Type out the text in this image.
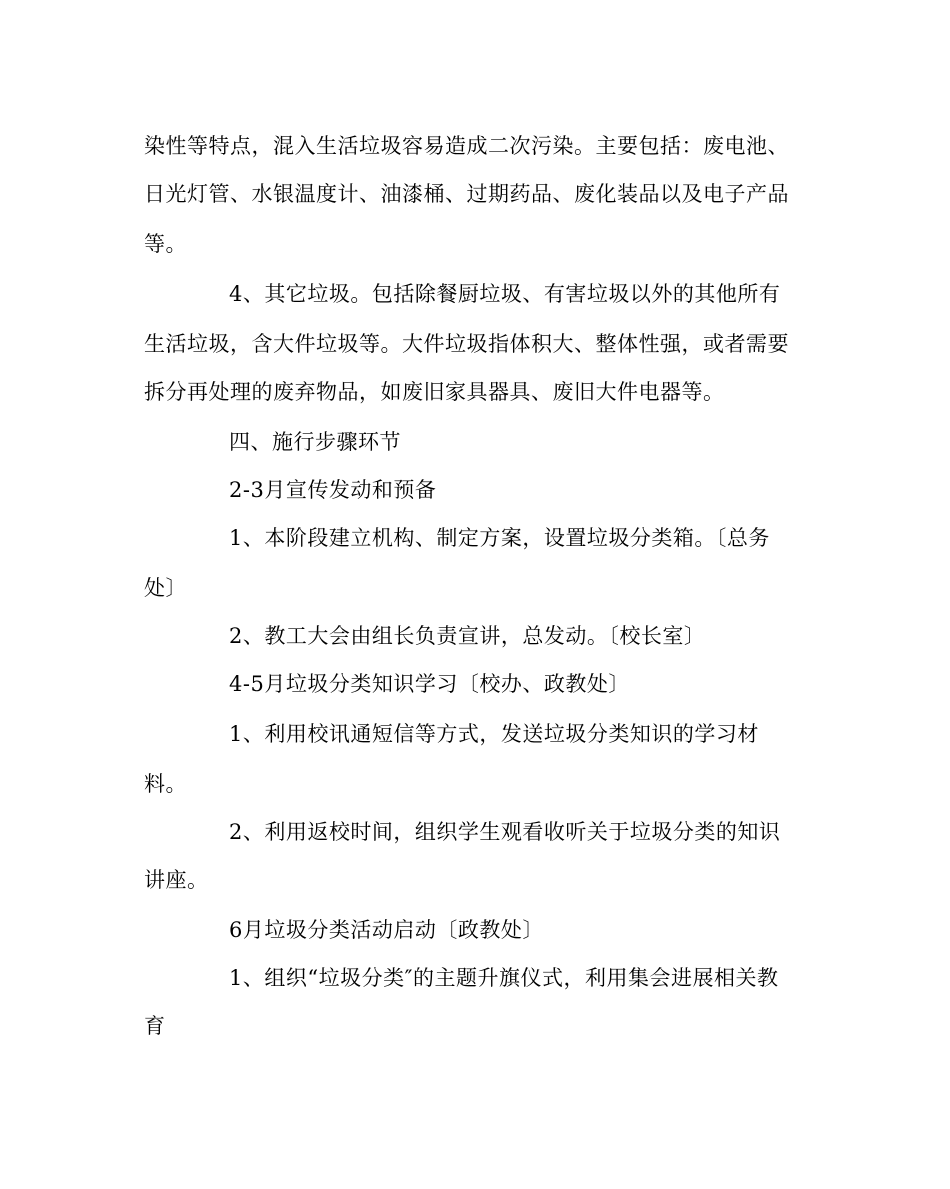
染性等特点，混入生活垃圾容易造成二次污染。主要包括：废电池、
日光灯管、水银温度计、油漆桶、过期药品、废化装品以及电子产品
等。
4、其它垃圾。包括除餐厨垃圾、有害垃圾以外的其他所有
生活垃圾，含大件垃圾等。大件垃圾指体积大、整体性强，或者需要
拆分再处理的废弃物品，如废旧家具器具、废旧大件电器等。
四、施行步骤环节
2-3月宣传发动和预备
1、本阶段建立机构、制定方案，设置垃圾分类箱。〔总务
处〕
2、教工大会由组长负责宣讲，总发动。〔校长室〕
4-5月垃圾分类知识学习〔校办、政教处〕
1、利用校讯通短信等方式，发送垃圾分类知识的学习材
料。
2、利用返校时间，组织学生观看收听关于垃圾分类的知识
讲座。
6月垃圾分类活动启动〔政教处〕
1、组织“垃圾分类″的主题升旗仪式，利用集会进展相关教
育
